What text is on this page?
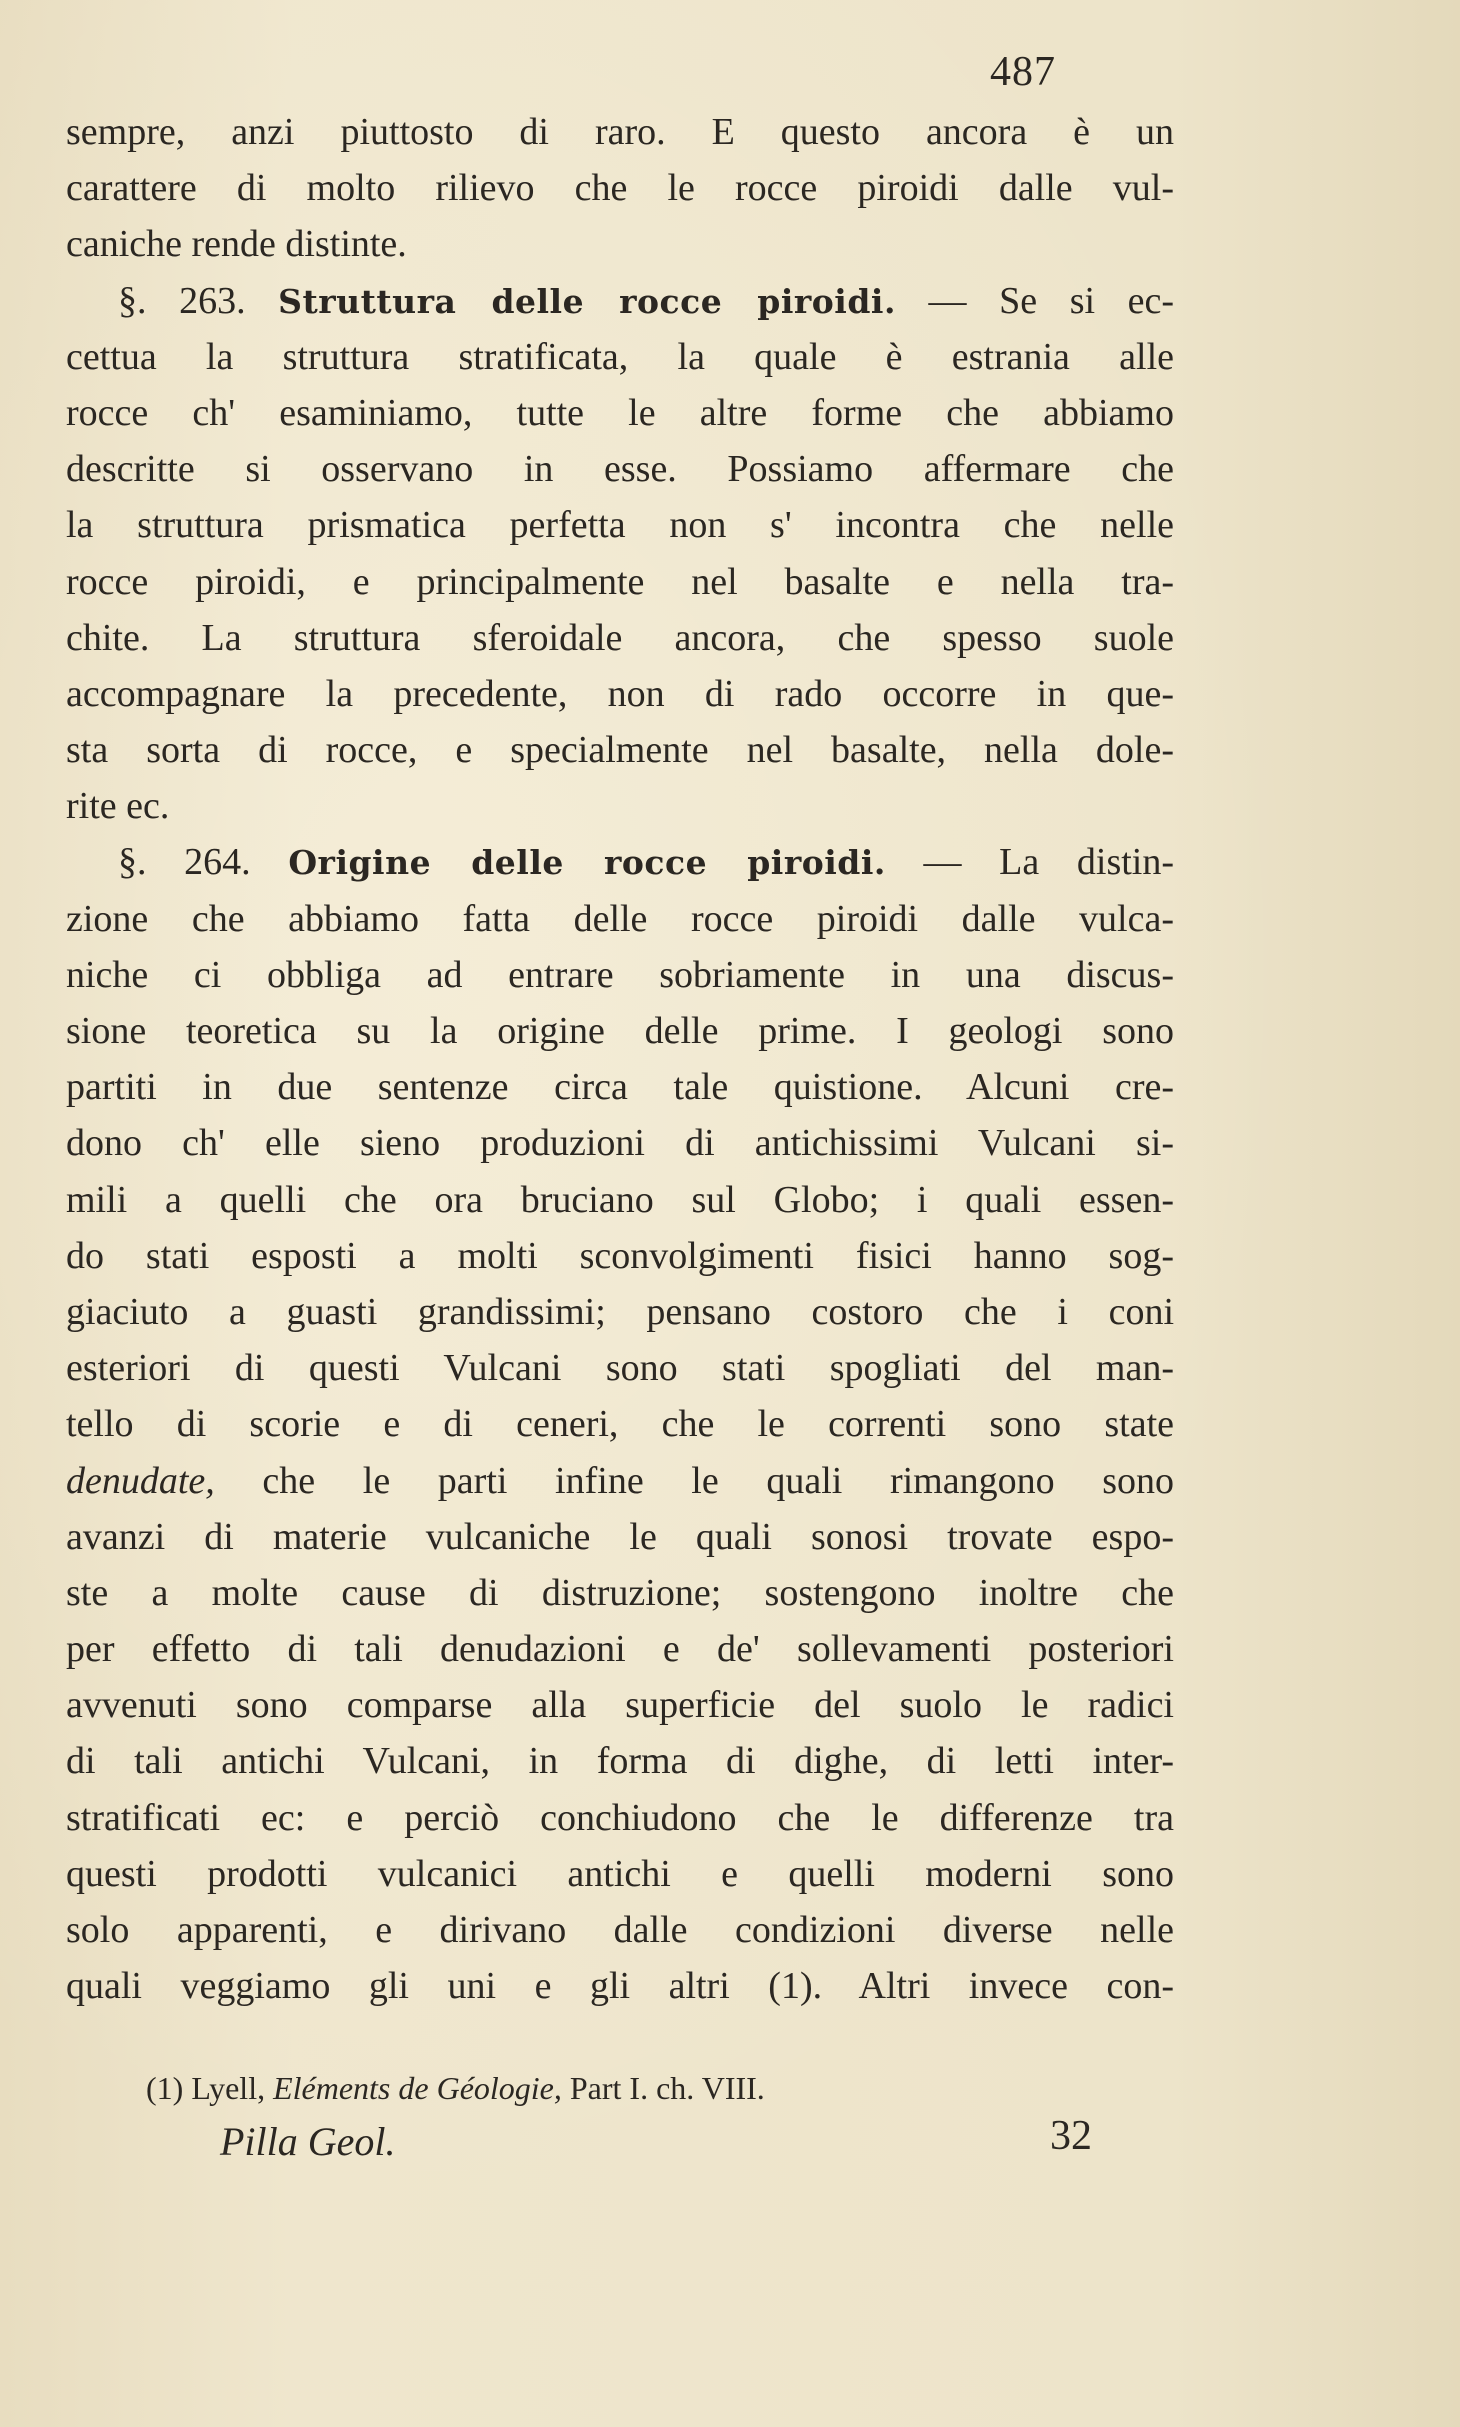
487
sempre, anzi piuttosto di raro. E questo ancora è un
carattere di molto rilievo che le rocce piroidi dalle vul-
caniche rende distinte.
§. 263. Struttura delle rocce piroidi. — Se si ec-
cettua la struttura stratificata, la quale è estrania alle
rocce ch' esaminiamo, tutte le altre forme che abbiamo
descritte si osservano in esse. Possiamo affermare che
la struttura prismatica perfetta non s' incontra che nelle
rocce piroidi, e principalmente nel basalte e nella tra-
chite. La struttura sferoidale ancora, che spesso suole
accompagnare la precedente, non di rado occorre in que-
sta sorta di rocce, e specialmente nel basalte, nella dole-
rite ec.
§. 264. Origine delle rocce piroidi. — La distin-
zione che abbiamo fatta delle rocce piroidi dalle vulca-
niche ci obbliga ad entrare sobriamente in una discus-
sione teoretica su la origine delle prime. I geologi sono
partiti in due sentenze circa tale quistione. Alcuni cre-
dono ch' elle sieno produzioni di antichissimi Vulcani si-
mili a quelli che ora bruciano sul Globo; i quali essen-
do stati esposti a molti sconvolgimenti fisici hanno sog-
giaciuto a guasti grandissimi; pensano costoro che i coni
esteriori di questi Vulcani sono stati spogliati del man-
tello di scorie e di ceneri, che le correnti sono state
denudate, che le parti infine le quali rimangono sono
avanzi di materie vulcaniche le quali sonosi trovate espo-
ste a molte cause di distruzione; sostengono inoltre che
per effetto di tali denudazioni e de' sollevamenti posteriori
avvenuti sono comparse alla superficie del suolo le radici
di tali antichi Vulcani, in forma di dighe, di letti inter-
stratificati ec: e perciò conchiudono che le differenze tra
questi prodotti vulcanici antichi e quelli moderni sono
solo apparenti, e dirivano dalle condizioni diverse nelle
quali veggiamo gli uni e gli altri (1). Altri invece con-
(1) Lyell, Eléments de Géologie, Part I. ch. VIII.
Pilla Geol.	32
